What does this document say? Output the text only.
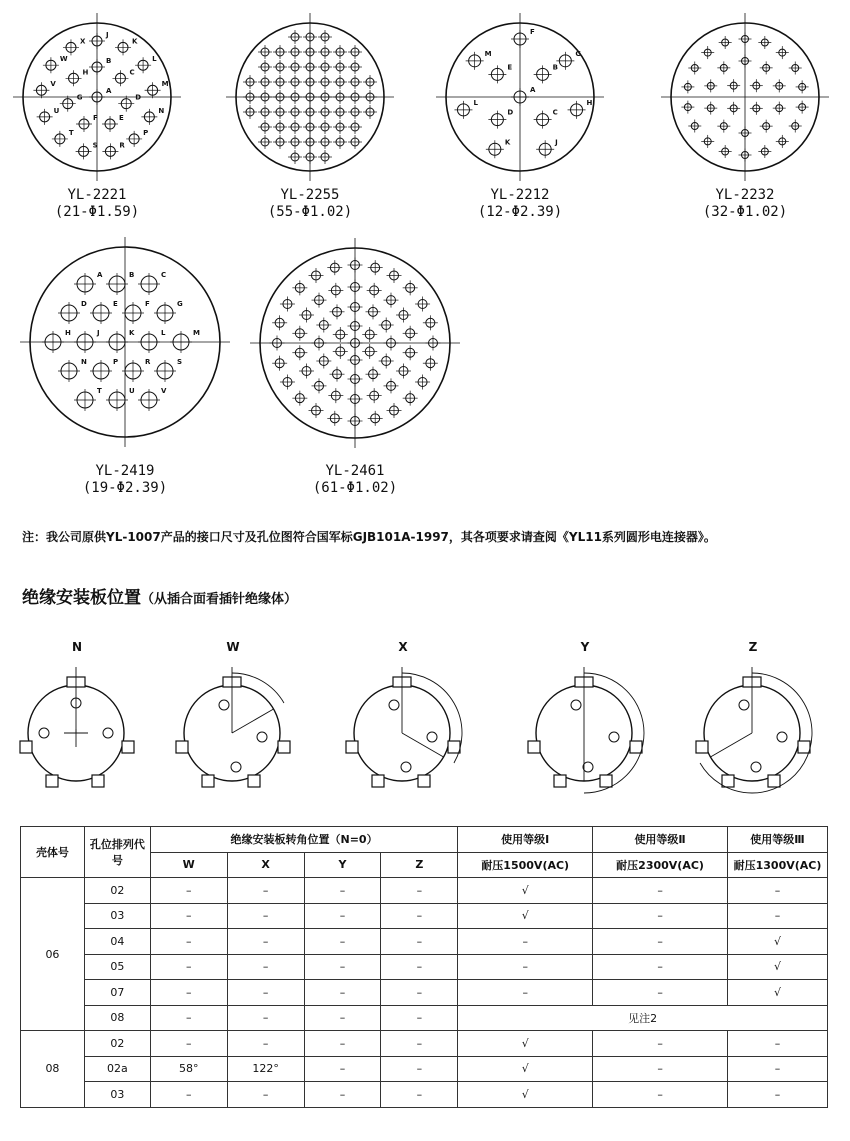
A
B
C
D
E
F
G
H
J
K
L
M
N
P
R
S
T
U
V
W
X
A
B
C
D
E
F
G
H
J
K
L
M
YL-2221
(21-Φ1.59)
YL-2255
(55-Φ1.02)
YL-2212
(12-Φ2.39)
YL-2232
(32-Φ1.02)
A	B	C
D	E	F	G
H	J	K	L	M
N	P	R	S
T	U	V
YL-2419
(19-Φ2.39)
YL-2461
(61-Φ1.02)
注：我公司原供YL-1007产品的接口尺寸及孔位图符合国军标GJB101A-1997，其各项要求请查阅《YL11系列圆形电连接器》。
绝缘安装板位置（从插合面看插针绝缘体）
N	W	X	Y	Z
壳体号	孔位排列代号	绝缘安装板转角位置（N=0）				使用等级Ⅰ	使用等级Ⅱ	使用等级Ⅲ
		W	X	Y	Z	耐压1500V(AC)	耐压2300V(AC)	耐压1300V(AC)
06	02	–	–	–	–	√	–	–
	03	–	–	–	–	√	–	–
	04	–	–	–	–	–	–	√
	05	–	–	–	–	–	–	√
	07	–	–	–	–	–	–	√
	08	–	–	–	–	见注2		
08	02	–	–	–	–	√	–	–
	02a	58°	122°	–	–	√	–	–
	03	–	–	–	–	√	–	–
